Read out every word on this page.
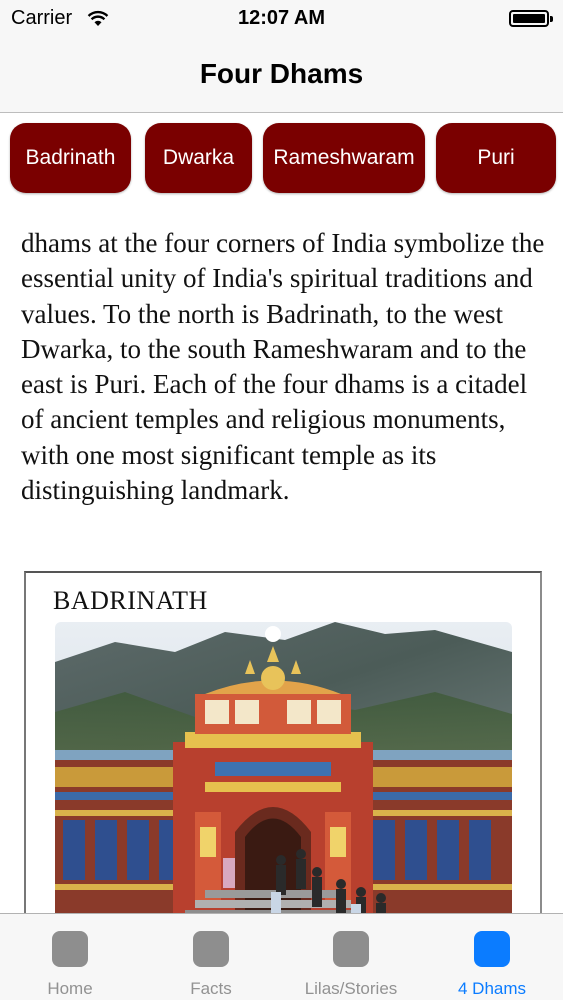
Carrier	12:07 AM
Four Dhams
Badrinath	Dwarka	Rameshwaram	Puri
dhams at the four corners of India symbolize the essential unity of India's spiritual traditions and values. To the north is Badrinath, to the west Dwarka, to the south Rameshwaram and to the east is Puri. Each of the four dhams is a citadel of ancient temples and religious monuments, with one most significant temple as its distinguishing landmark.
BADRINATH
Home	Facts	Lilas/Stories	4 Dhams
